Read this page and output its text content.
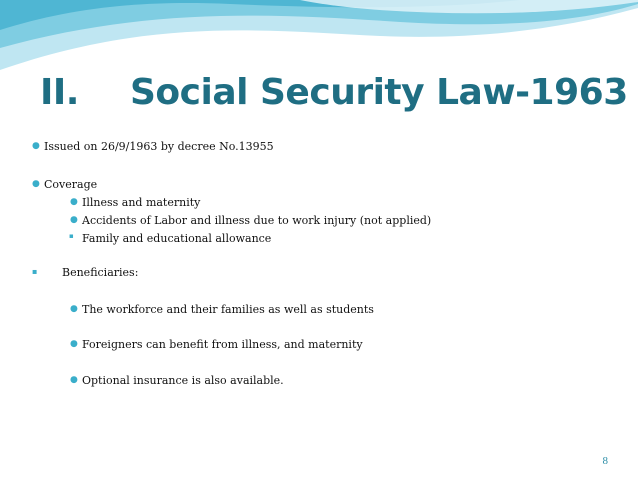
II. Social Security Law-1963
● Issued on 26/9/1963 by decree No.13955
● Coverage
● Illness and maternity
● Accidents of Labor and illness due to work injury (not applied)
▪ Family and educational allowance
▪ Beneficiaries:
● The workforce and their families as well as students
● Foreigners can benefit from illness, and maternity
● Optional insurance is also available.
8
